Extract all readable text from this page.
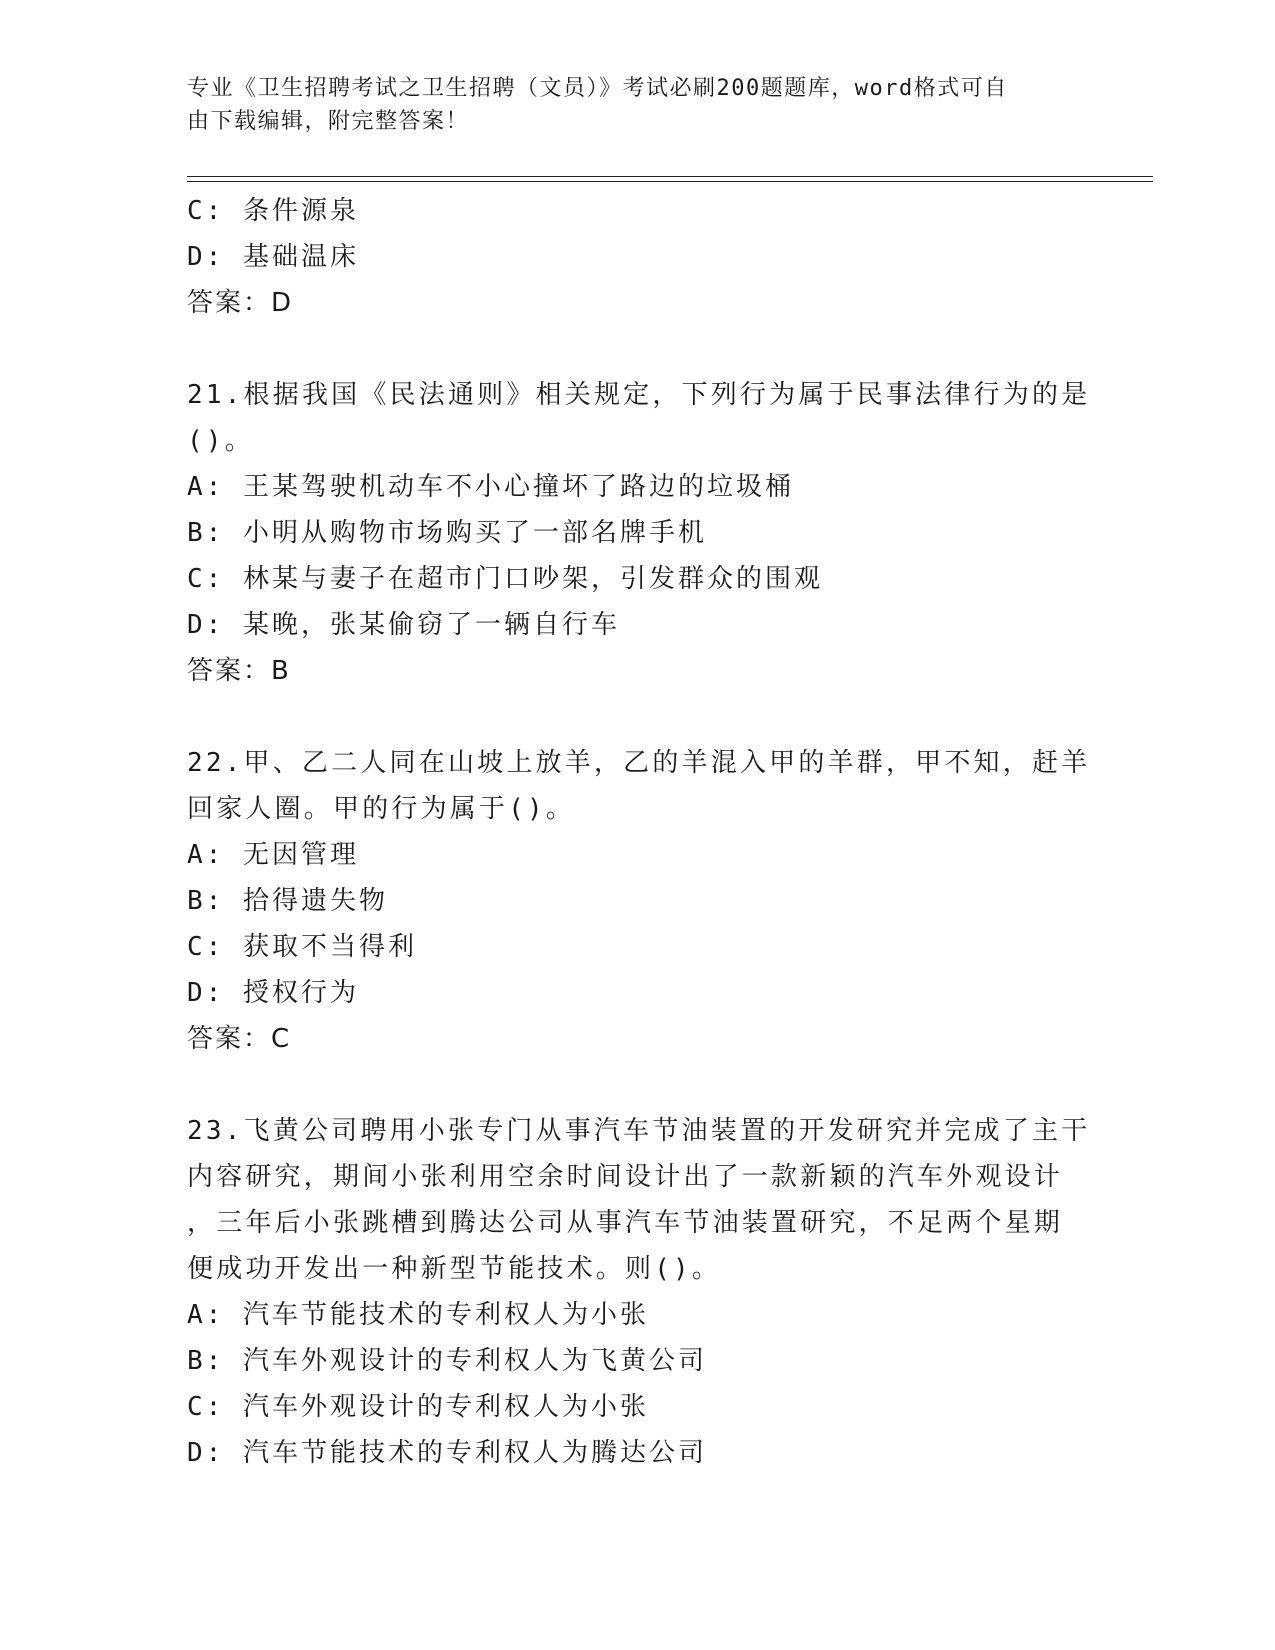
专业《卫生招聘考试之卫生招聘（文员）》考试必刷200题题库，word格式可自
由下载编辑，附完整答案！
C: 条件源泉
D: 基础温床
答案：D
21.根据我国《民法通则》相关规定，下列行为属于民事法律行为的是
()。
A: 王某驾驶机动车不小心撞坏了路边的垃圾桶
B: 小明从购物市场购买了一部名牌手机
C: 林某与妻子在超市门口吵架，引发群众的围观
D: 某晚，张某偷窃了一辆自行车
答案：B
22.甲、乙二人同在山坡上放羊，乙的羊混入甲的羊群，甲不知，赶羊
回家人圈。甲的行为属于()。
A: 无因管理
B: 拾得遗失物
C: 获取不当得利
D: 授权行为
答案：C
23.飞黄公司聘用小张专门从事汽车节油装置的开发研究并完成了主干
内容研究，期间小张利用空余时间设计出了一款新颖的汽车外观设计
，三年后小张跳槽到腾达公司从事汽车节油装置研究，不足两个星期
便成功开发出一种新型节能技术。则()。
A: 汽车节能技术的专利权人为小张
B: 汽车外观设计的专利权人为飞黄公司
C: 汽车外观设计的专利权人为小张
D: 汽车节能技术的专利权人为腾达公司
